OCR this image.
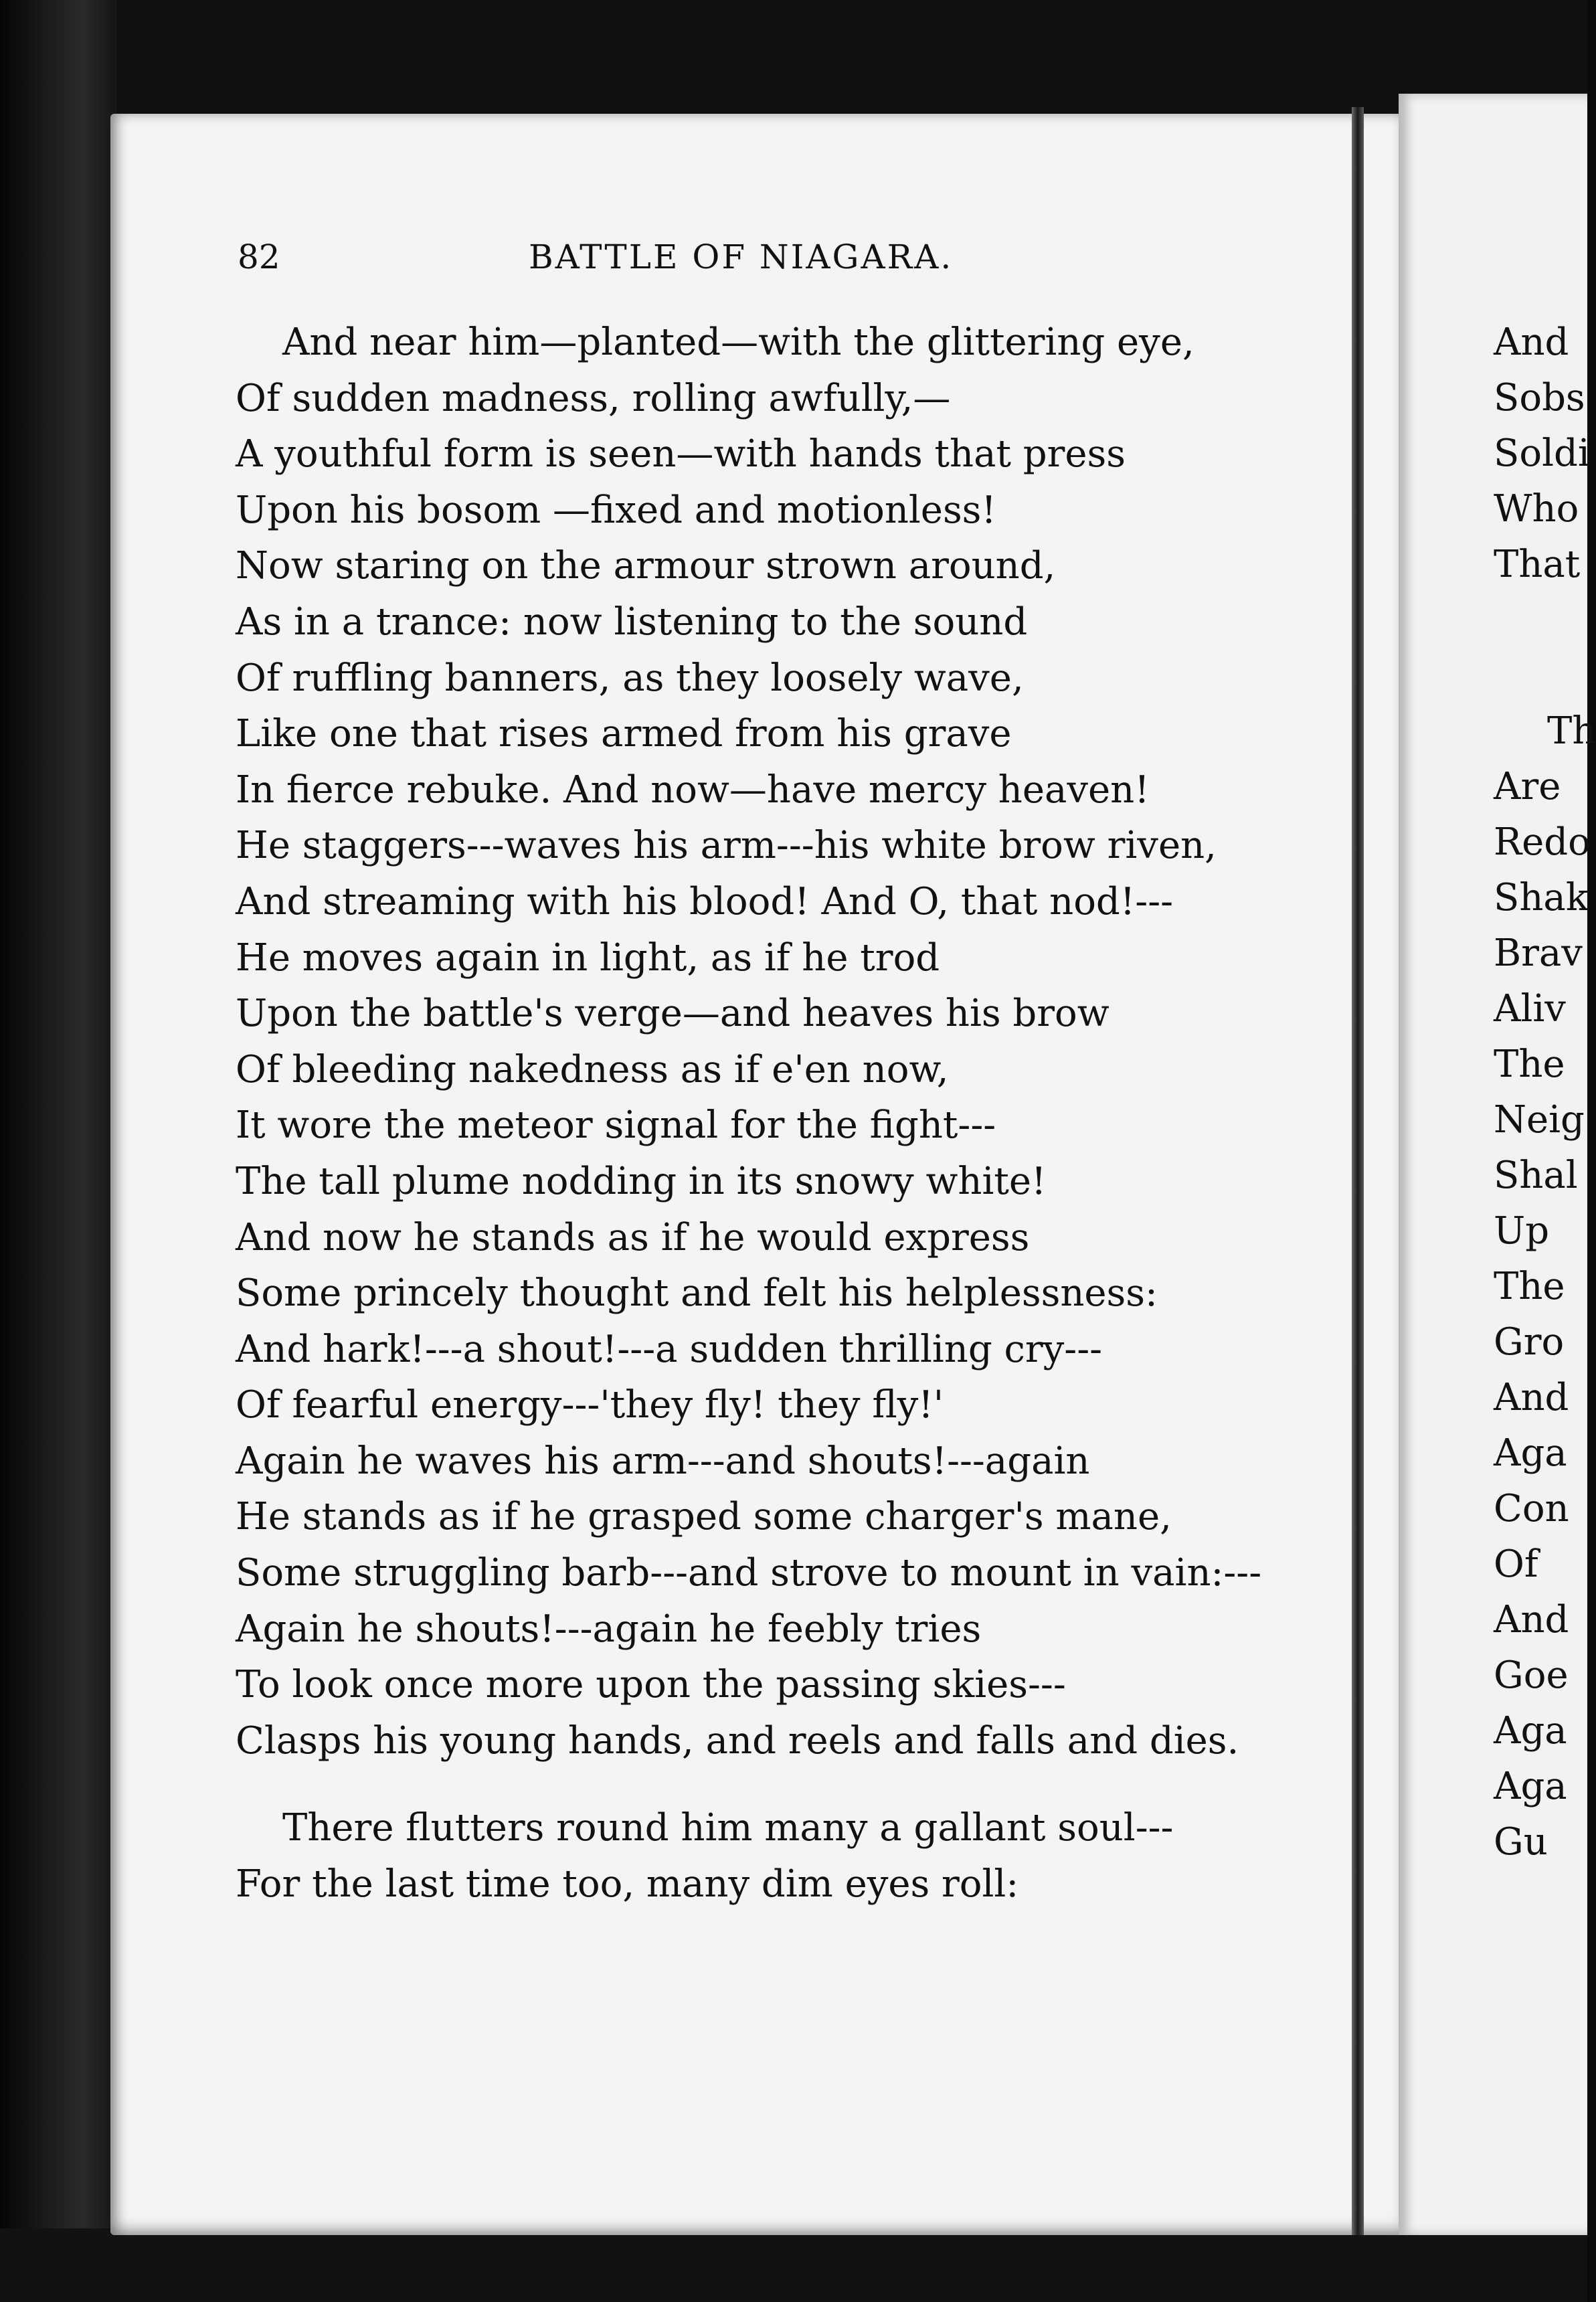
82	BATTLE OF NIAGARA.
And near him—planted—with the glittering eye,
Of sudden madness, rolling awfully,—
A youthful form is seen—with hands that press
Upon his bosom —fixed and motionless!
Now staring on the armour strown around,
As in a trance: now listening to the sound
Of ruffling banners, as they loosely wave,
Like one that rises armed from his grave
In fierce rebuke. And now—have mercy heaven!
He staggers---waves his arm---his white brow riven,
And streaming with his blood! And O, that nod!---
He moves again in light, as if he trod
Upon the battle's verge—and heaves his brow
Of bleeding nakedness as if e'en now,
It wore the meteor signal for the fight---
The tall plume nodding in its snowy white!
And now he stands as if he would express
Some princely thought and felt his helplessness:
And hark!---a shout!---a sudden thrilling cry---
Of fearful energy---'they fly! they fly!'
Again he waves his arm---and shouts!---again
He stands as if he grasped some charger's mane,
Some struggling barb---and strove to mount in vain:---
Again he shouts!---again he feebly tries
To look once more upon the passing skies---
Clasps his young hands, and reels and falls and dies.
There flutters round him many a gallant soul---
For the last time too, many dim eyes roll:
And
Sobs
Soldi
Who
That
Th
Are
Redo
Shak
Brav
Aliv
The
Neig
Shal
Up
The
Gro
And
Aga
Con
Of
And
Goe
Aga
Aga
Gu
